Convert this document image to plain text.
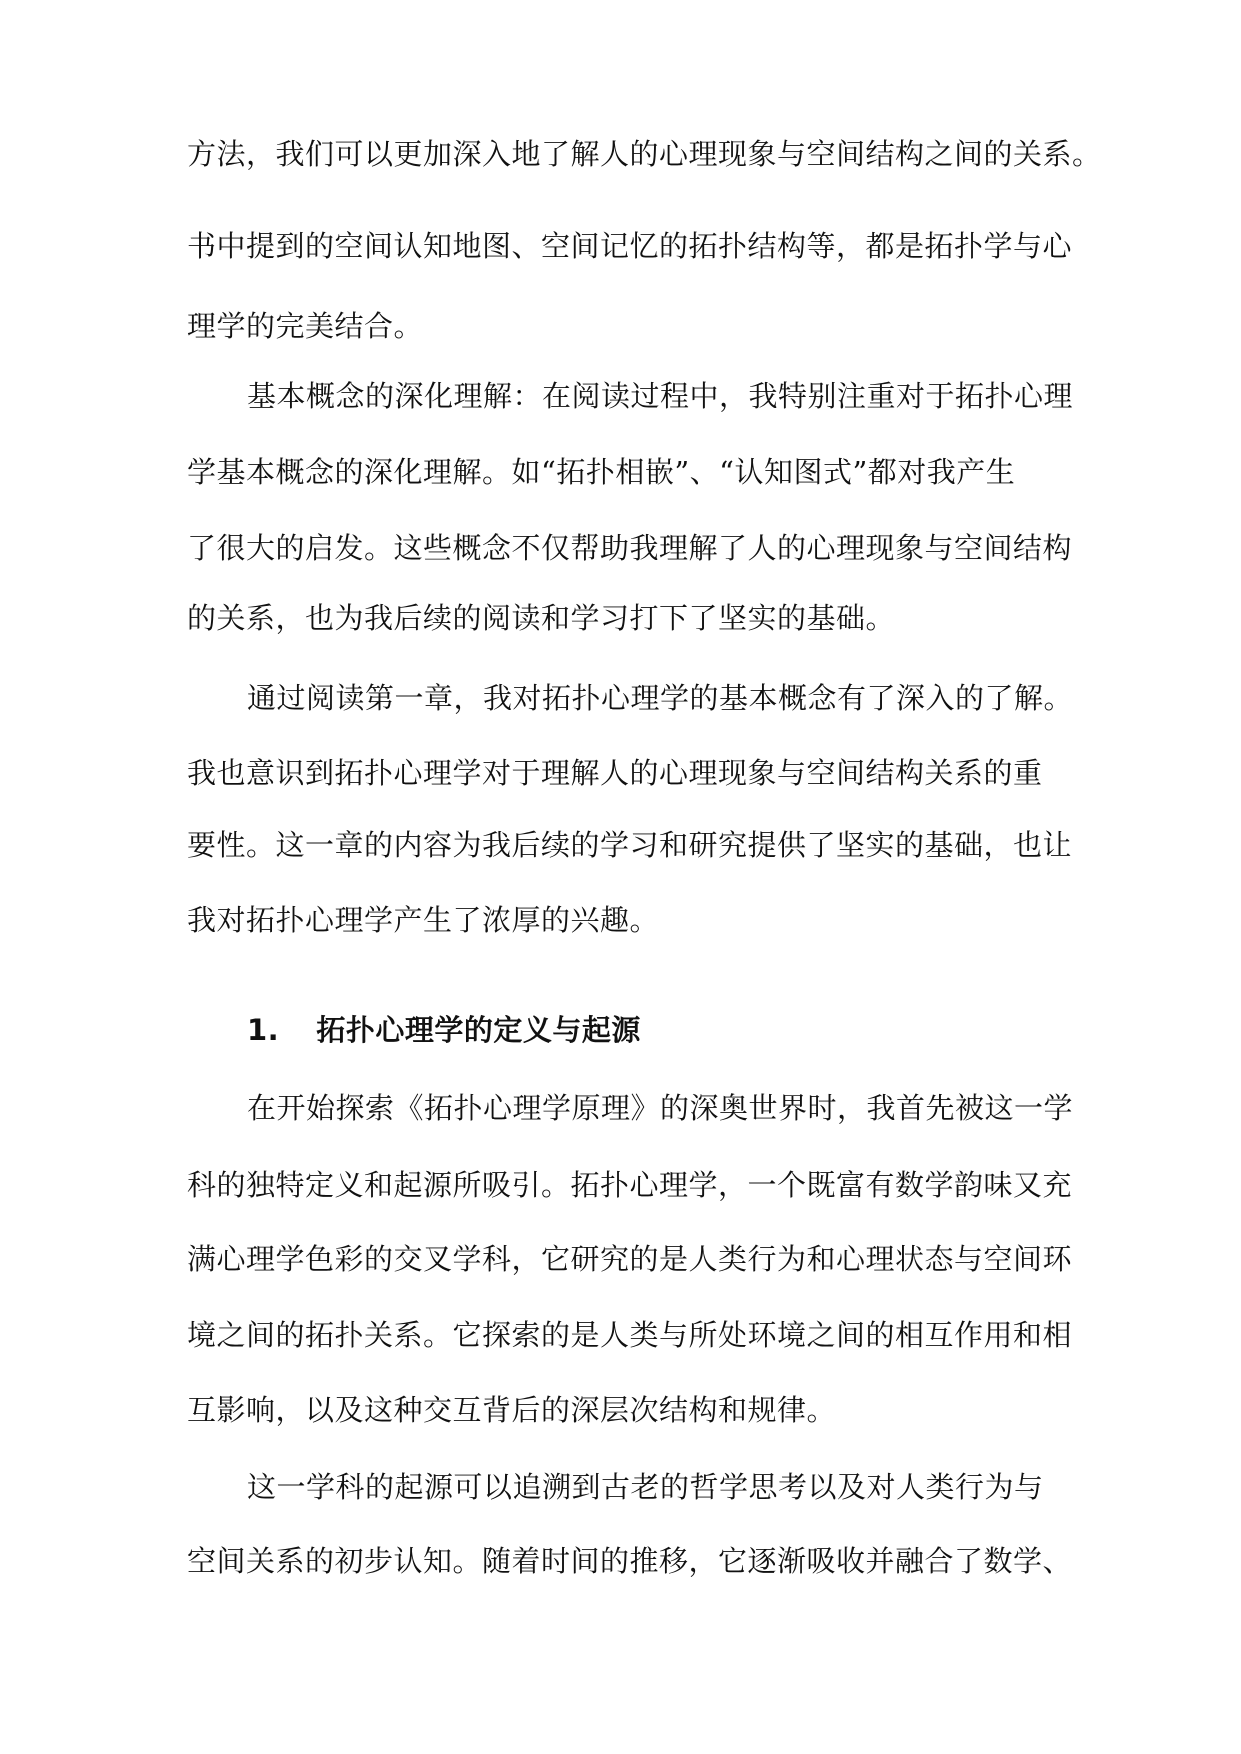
方法，我们可以更加深入地了解人的心理现象与空间结构之间的关系。
书中提到的空间认知地图、空间记忆的拓扑结构等，都是拓扑学与心
理学的完美结合。
基本概念的深化理解：在阅读过程中，我特别注重对于拓扑心理
学基本概念的深化理解。如“拓扑相嵌”、“认知图式”都对我产生
了很大的启发。这些概念不仅帮助我理解了人的心理现象与空间结构
的关系，也为我后续的阅读和学习打下了坚实的基础。
通过阅读第一章，我对拓扑心理学的基本概念有了深入的了解。
我也意识到拓扑心理学对于理解人的心理现象与空间结构关系的重
要性。这一章的内容为我后续的学习和研究提供了坚实的基础，也让
我对拓扑心理学产生了浓厚的兴趣。
1. 拓扑心理学的定义与起源
在开始探索《拓扑心理学原理》的深奥世界时，我首先被这一学
科的独特定义和起源所吸引。拓扑心理学，一个既富有数学韵味又充
满心理学色彩的交叉学科，它研究的是人类行为和心理状态与空间环
境之间的拓扑关系。它探索的是人类与所处环境之间的相互作用和相
互影响，以及这种交互背后的深层次结构和规律。
这一学科的起源可以追溯到古老的哲学思考以及对人类行为与
空间关系的初步认知。随着时间的推移，它逐渐吸收并融合了数学、
